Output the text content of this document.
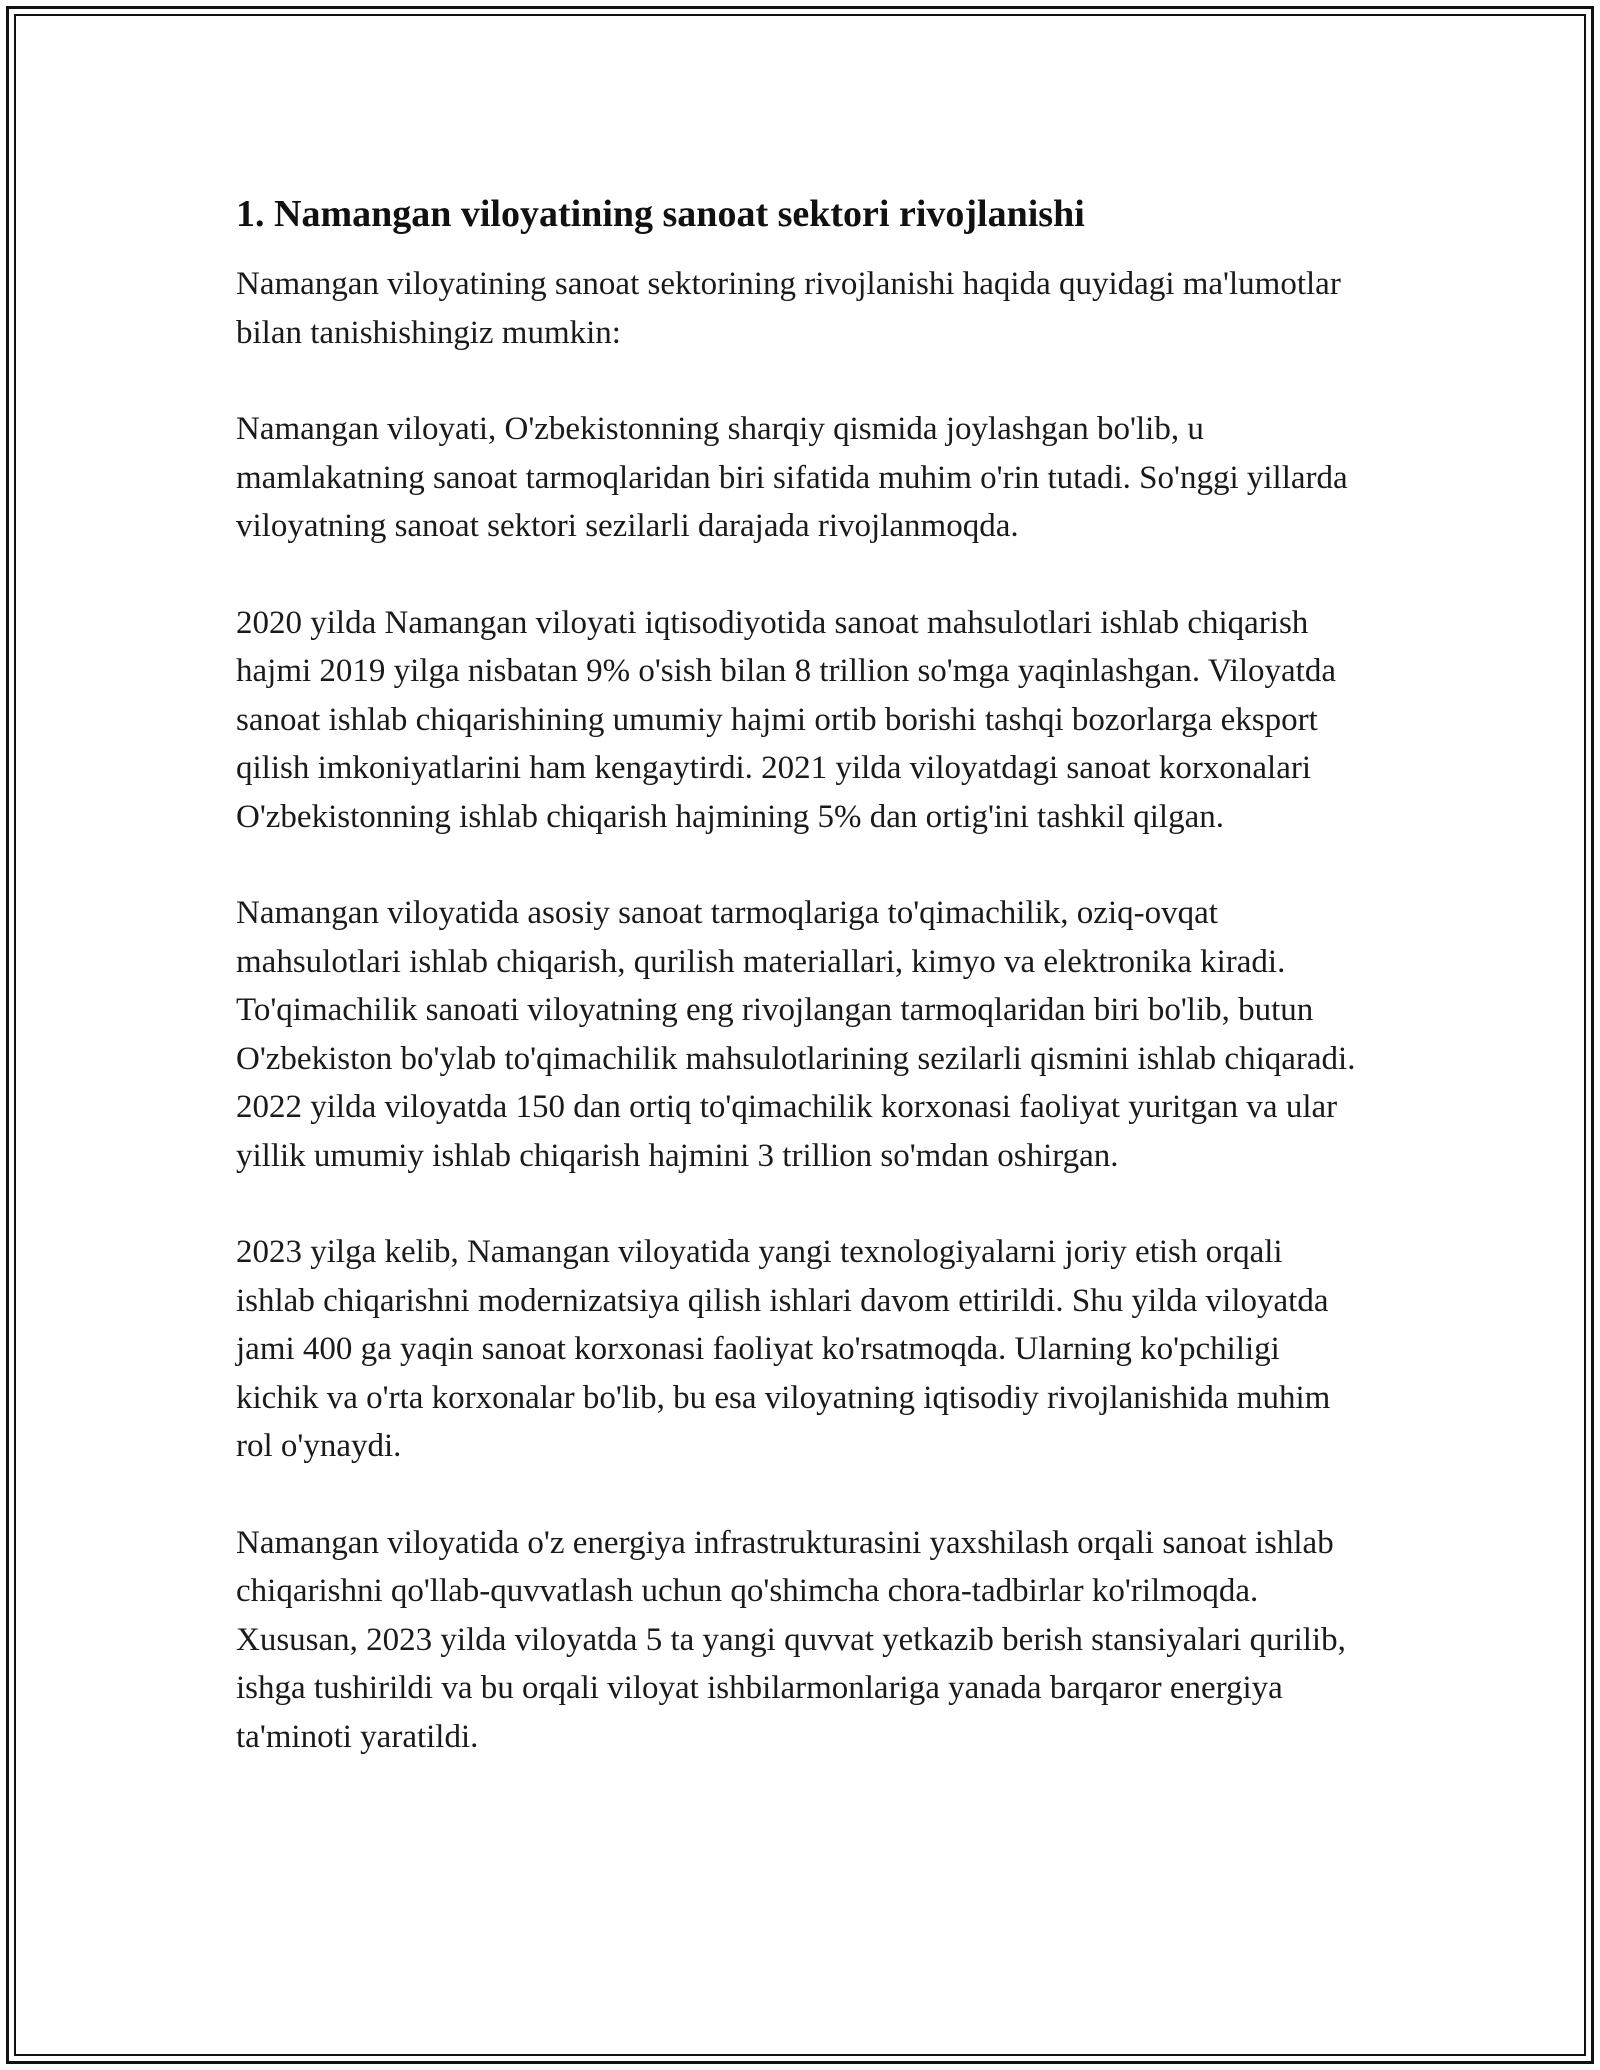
1. Namangan viloyatining sanoat sektori rivojlanishi

Namangan viloyatining sanoat sektorining rivojlanishi haqida quyidagi ma'lumotlar bilan tanishishingiz mumkin:

Namangan viloyati, O'zbekistonning sharqiy qismida joylashgan bo'lib, u mamlakatning sanoat tarmoqlaridan biri sifatida muhim o'rin tutadi. So'nggi yillarda viloyatning sanoat sektori sezilarli darajada rivojlanmoqda.

2020 yilda Namangan viloyati iqtisodiyotida sanoat mahsulotlari ishlab chiqarish hajmi 2019 yilga nisbatan 9% o'sish bilan 8 trillion so'mga yaqinlashgan. Viloyatda sanoat ishlab chiqarishining umumiy hajmi ortib borishi tashqi bozorlarga eksport qilish imkoniyatlarini ham kengaytirdi. 2021 yilda viloyatdagi sanoat korxonalari O'zbekistonning ishlab chiqarish hajmining 5% dan ortig'ini tashkil qilgan.

Namangan viloyatida asosiy sanoat tarmoqlariga to'qimachilik, oziq-ovqat mahsulotlari ishlab chiqarish, qurilish materiallari, kimyo va elektronika kiradi. To'qimachilik sanoati viloyatning eng rivojlangan tarmoqlaridan biri bo'lib, butun O'zbekiston bo'ylab to'qimachilik mahsulotlarining sezilarli qismini ishlab chiqaradi. 2022 yilda viloyatda 150 dan ortiq to'qimachilik korxonasi faoliyat yuritgan va ular yillik umumiy ishlab chiqarish hajmini 3 trillion so'mdan oshirgan.

2023 yilga kelib, Namangan viloyatida yangi texnologiyalarni joriy etish orqali ishlab chiqarishni modernizatsiya qilish ishlari davom ettirildi. Shu yilda viloyatda jami 400 ga yaqin sanoat korxonasi faoliyat ko'rsatmoqda. Ularning ko'pchiligi kichik va o'rta korxonalar bo'lib, bu esa viloyatning iqtisodiy rivojlanishida muhim rol o'ynaydi.

Namangan viloyatida o'z energiya infrastrukturasini yaxshilash orqali sanoat ishlab chiqarishni qo'llab-quvvatlash uchun qo'shimcha chora-tadbirlar ko'rilmoqda. Xususan, 2023 yilda viloyatda 5 ta yangi quvvat yetkazib berish stansiyalari qurilib, ishga tushirildi va bu orqali viloyat ishbilarmonlariga yanada barqaror energiya ta'minoti yaratildi.
